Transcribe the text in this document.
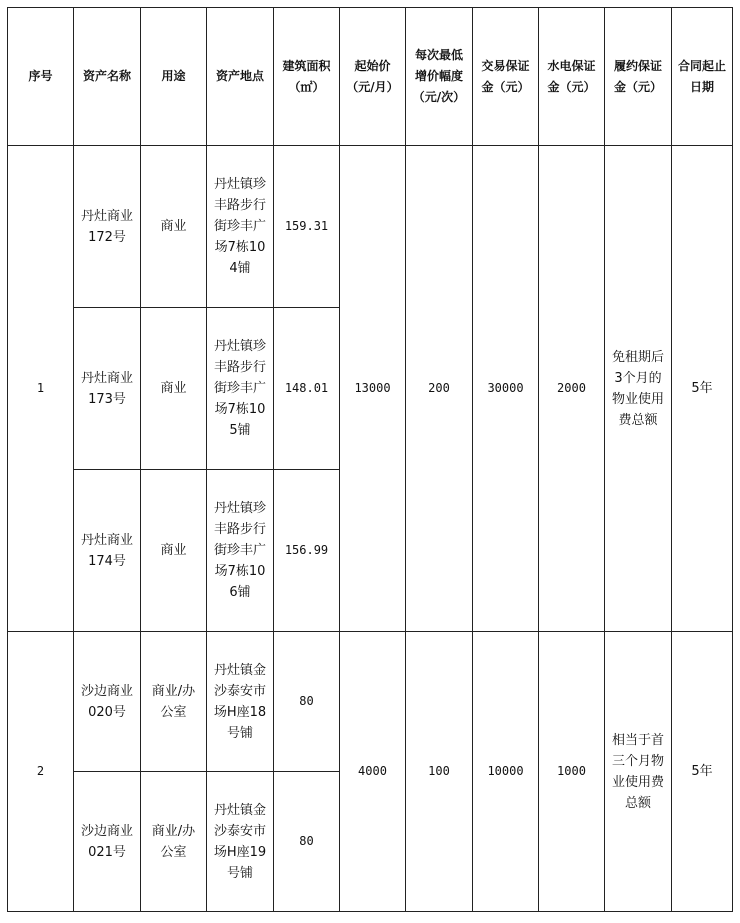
序号	资产名称	用途	资产地点	建筑面积（㎡）	起始价（元/月）	每次最低增价幅度（元/次）	交易保证金（元）	水电保证金（元）	履约保证金（元）	合同起止日期
1	丹灶商业172号	商业	丹灶镇珍丰路步行街珍丰广场7栋104铺	159.31	13000	200	30000	2000	免租期后3个月的物业使用费总额	5年
	丹灶商业173号	商业	丹灶镇珍丰路步行街珍丰广场7栋105铺	148.01						
	丹灶商业174号	商业	丹灶镇珍丰路步行街珍丰广场7栋106铺	156.99						
2	沙边商业020号	商业/办公室	丹灶镇金沙泰安市场H座18号铺	80	4000	100	10000	1000	相当于首三个月物业使用费总额	5年
	沙边商业021号	商业/办公室	丹灶镇金沙泰安市场H座19号铺	80						
